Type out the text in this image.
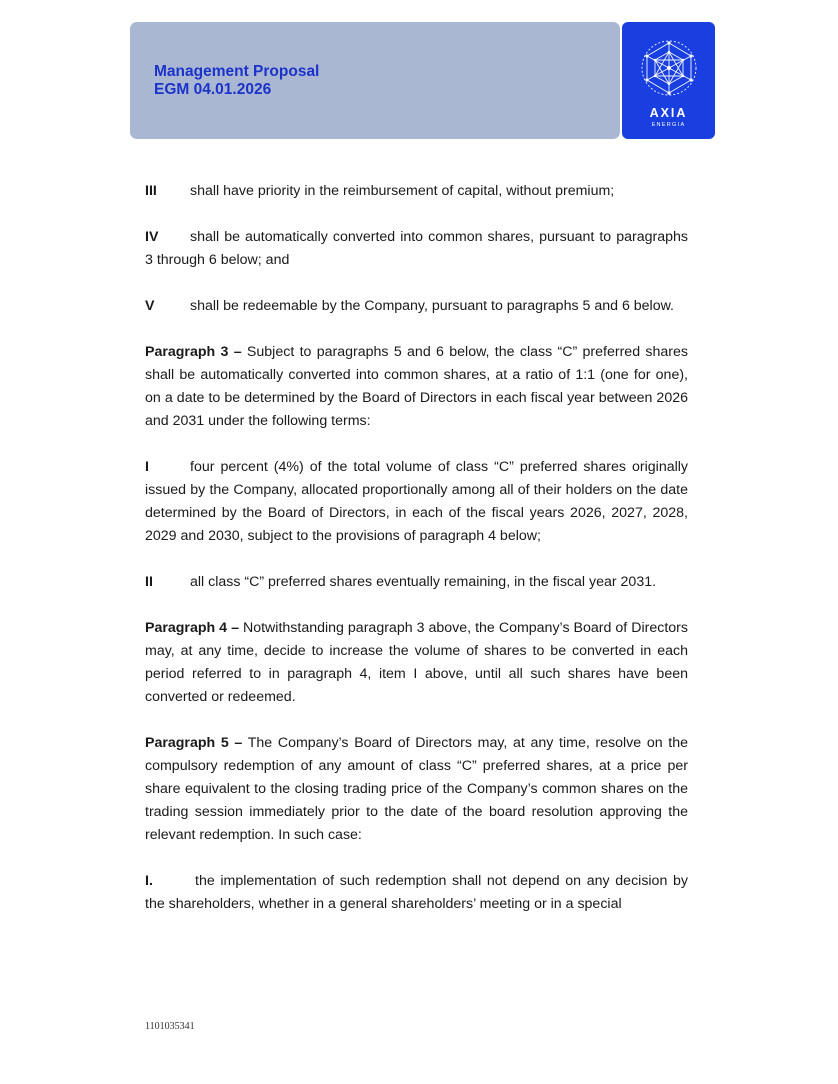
Management Proposal
EGM 04.01.2026
AXIA
ENERGIA

III shall have priority in the reimbursement of capital, without premium;

IV shall be automatically converted into common shares, pursuant to paragraphs 3 through 6 below; and

V	shall be redeemable by the Company, pursuant to paragraphs 5 and 6 below.

Paragraph 3 – Subject to paragraphs 5 and 6 below, the class “C” preferred shares shall be automatically converted into common shares, at a ratio of 1:1 (one for one), on a date to be determined by the Board of Directors in each fiscal year between 2026 and 2031 under the following terms:

I	four percent (4%) of the total volume of class “C” preferred shares originally issued by the Company, allocated proportionally among all of their holders on the date determined by the Board of Directors, in each of the fiscal years 2026, 2027, 2028, 2029 and 2030, subject to the provisions of paragraph 4 below;

II	all class “C” preferred shares eventually remaining, in the fiscal year 2031.

Paragraph 4 – Notwithstanding paragraph 3 above, the Company’s Board of Directors may, at any time, decide to increase the volume of shares to be converted in each period referred to in paragraph 4, item I above, until all such shares have been converted or redeemed.

Paragraph 5 – The Company’s Board of Directors may, at any time, resolve on the compulsory redemption of any amount of class “C” preferred shares, at a price per share equivalent to the closing trading price of the Company’s common shares on the trading session immediately prior to the date of the board resolution approving the relevant redemption. In such case:

I.	the implementation of such redemption shall not depend on any decision by the shareholders, whether in a general shareholders’ meeting or in a special

1101035341
